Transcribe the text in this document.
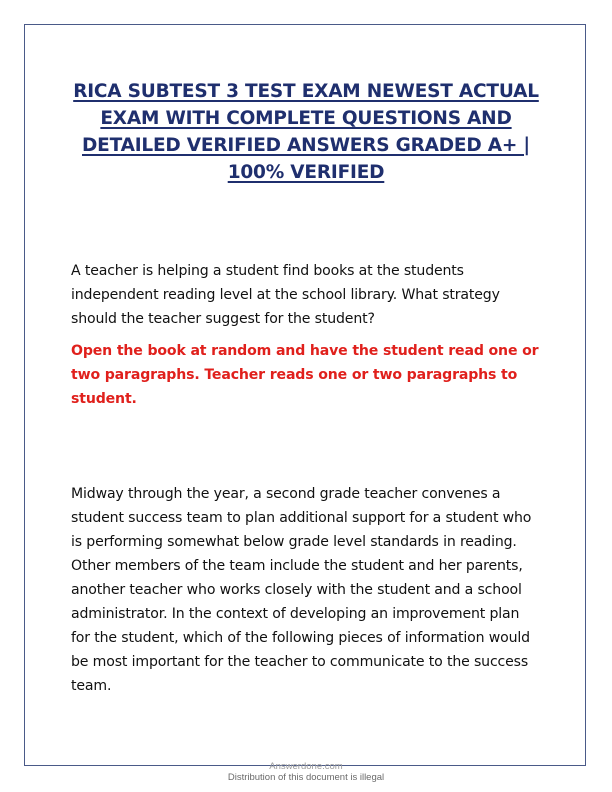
RICA SUBTEST 3 TEST EXAM NEWEST ACTUAL EXAM WITH COMPLETE QUESTIONS AND DETAILED VERIFIED ANSWERS GRADED A+ | 100% VERIFIED

A teacher is helping a student find books at the students independent reading level at the school library. What strategy should the teacher suggest for the student?

Open the book at random and have the student read one or two paragraphs. Teacher reads one or two paragraphs to student.

Midway through the year, a second grade teacher convenes a student success team to plan additional support for a student who is performing somewhat below grade level standards in reading. Other members of the team include the student and her parents, another teacher who works closely with the student and a school administrator. In the context of developing an improvement plan for the student, which of the following pieces of information would be most important for the teacher to communicate to the success team.

Answerdone.com

Distribution of this document is illegal
